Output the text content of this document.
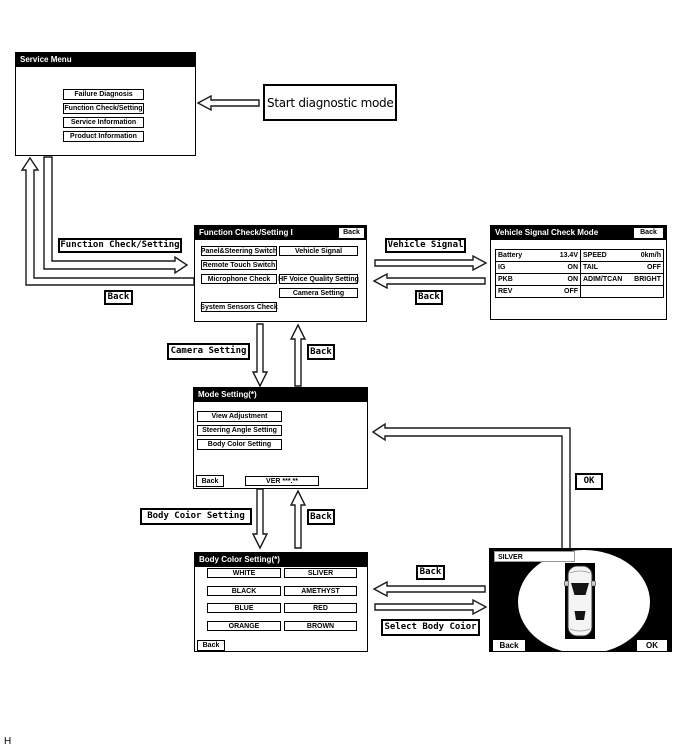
Service Menu
Failure Diagnosis
Function Check/Setting
Service Information
Product Information
Function Check/Setting I	Back
Panel&Steering Switch	Vehicle Signal
Remote Touch Switch
Microphone Check	HF Voice Quality Setting
Camera Setting
System Sensors Check
Vehicle Signal Check Mode	Back
Battery	13.4V	SPEED	0km/h
IG	ON	TAIL	OFF
PKB	ON	ADIM/TCAN	BRIGHT
REV	OFF		
Mode Setting(*)
View Adjustment
Steering Angle Setting
Body Color Setting
Back	VER ***.**
Body Color Setting(*)
WHITE	SLIVER
BLACK	AMETHYST
BLUE	RED
ORANGE	BROWN
Back
SILVER
Back	OK
Start diagnostic mode
Function Check/Setting
Back
Vehicle Signal
Back
Camera Setting	Back
OK
Body Coior Setting	Back
Back
Select Body Coior
H
